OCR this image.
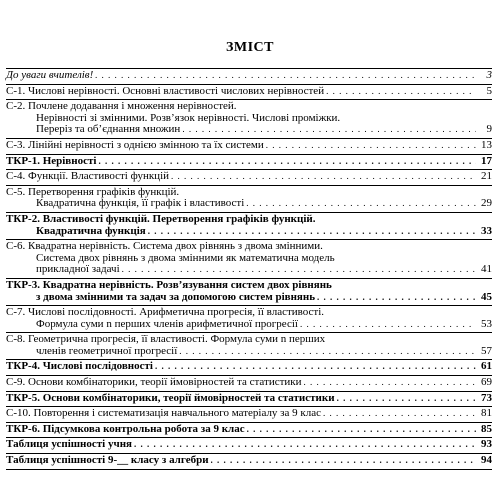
ЗМІСТ
До уваги вчителів! . . .	3
С-1. Числові нерівності. Основні властивості числових нерівностей . . .	5
С-2. Почлене додавання і множення нерівностей.
Нерівності зі змінними. Розв’язок нерівності. Числові проміжки.
Переріз та об’єднання множин . . .	9
С-3. Лінійні нерівності з однією змінною та їх системи . . .	13
ТКР-1. Нерівності . . .	17
С-4. Функції. Властивості функцій . . .	21
С-5. Перетворення графіків функцій.
Квадратична функція, її графік і властивості . . .	29
ТКР-2. Властивості функцій. Перетворення графіків функцій.
Квадратична функція . . .	33
С-6. Квадратна нерівність. Система двох рівнянь з двома змінними.
Система двох рівнянь з двома змінними як математична модель
прикладної задачі . . .	41
ТКР-3. Квадратна нерівність. Розв’язування систем двох рівнянь
з двома змінними та задач за допомогою систем рівнянь . . .	45
С-7. Числові послідовності. Арифметична прогресія, її властивості.
Формула суми n перших членів арифметичної прогресії . . .	53
С-8. Геометрична прогресія, її властивості. Формула суми n перших
членів геометричної прогресії . . .	57
ТКР-4. Числові послідовності . . .	61
С-9. Основи комбінаторики, теорії ймовірностей та статистики . . .	69
ТКР-5. Основи комбінаторики, теорії ймовірностей та статистики . . .	73
С-10. Повторення і систематизація навчального матеріалу за 9 клас . . .	81
ТКР-6. Підсумкова контрольна робота за 9 клас . . .	85
Таблиця успішності учня . . .	93
Таблиця успішності 9-__ класу з алгебри . . .	94
